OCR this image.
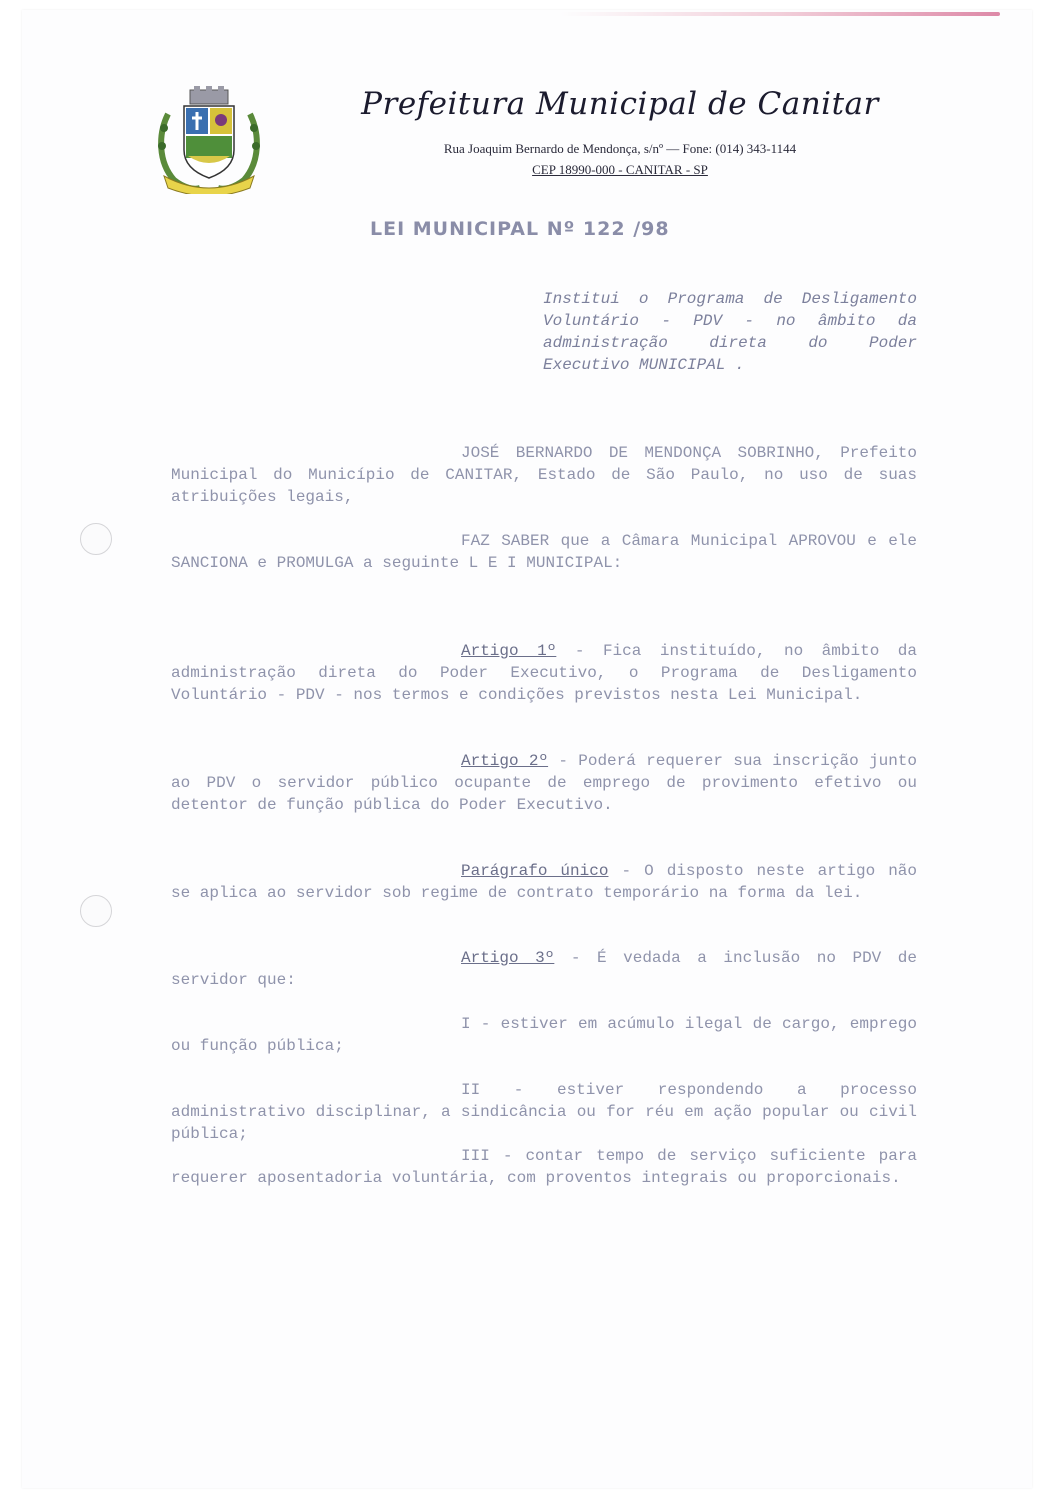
Prefeitura Municipal de Canitar
Rua Joaquim Bernardo de Mendonça, s/nº — Fone: (014) 343-1144
CEP 18990-000 - CANITAR - SP
LEI MUNICIPAL Nº 122 /98
Institui o Programa de Desligamento Voluntário - PDV - no âmbito da administração direta do Poder Executivo MUNICIPAL .
JOSÉ BERNARDO DE MENDONÇA SOBRINHO, Prefeito Municipal do Município de CANITAR, Estado de São Paulo, no uso de suas atribuições legais,
FAZ SABER que a Câmara Municipal APROVOU e ele SANCIONA e PROMULGA a seguinte L E I MUNICIPAL:
Artigo 1º - Fica instituído, no âmbito da administração direta do Poder Executivo, o Programa de Desligamento Voluntário - PDV - nos termos e condições previstos nesta Lei Municipal.
Artigo 2º - Poderá requerer sua inscrição junto ao PDV o servidor público ocupante de emprego de provimento efetivo ou detentor de função pública do Poder Executivo.
Parágrafo único - O disposto neste artigo não se aplica ao servidor sob regime de contrato temporário na forma da lei.
Artigo 3º - É vedada a inclusão no PDV de servidor que:
I - estiver em acúmulo ilegal de cargo, emprego ou função pública;
II - estiver respondendo a processo administrativo disciplinar, a sindicância ou for réu em ação popular ou civil pública;
III - contar tempo de serviço suficiente para requerer aposentadoria voluntária, com proventos integrais ou proporcionais.
